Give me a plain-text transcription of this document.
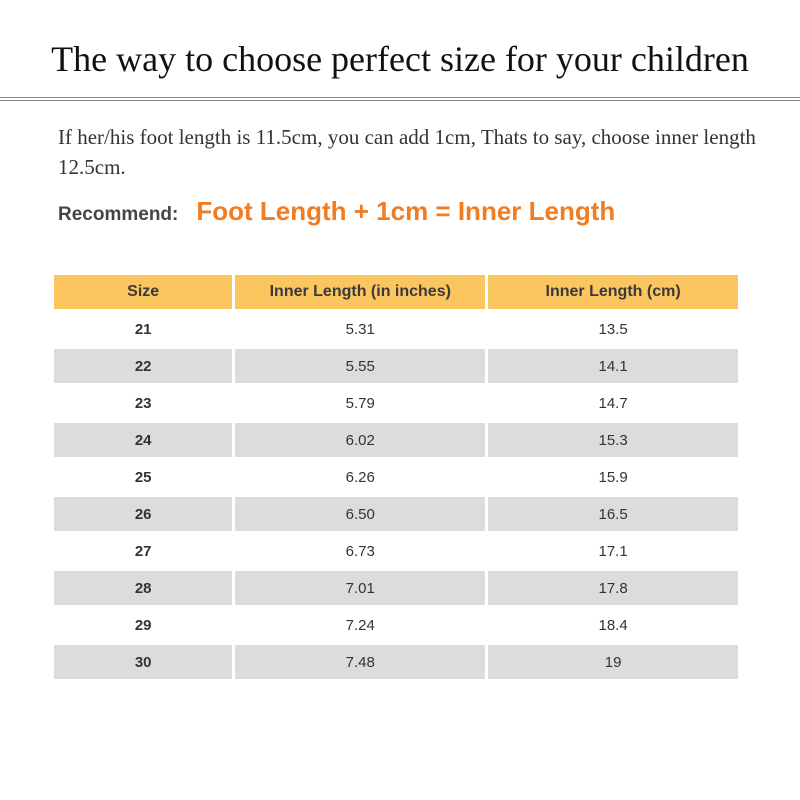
The way to choose perfect size for your children

If her/his foot length is 11.5cm, you can add 1cm, Thats to say, choose inner length 12.5cm.

Recommend: Foot Length + 1cm = Inner Length
Size	Inner Length (in inches)	Inner Length (cm)
21	5.31	13.5
22	5.55	14.1
23	5.79	14.7
24	6.02	15.3
25	6.26	15.9
26	6.50	16.5
27	6.73	17.1
28	7.01	17.8
29	7.24	18.4
30	7.48	19
